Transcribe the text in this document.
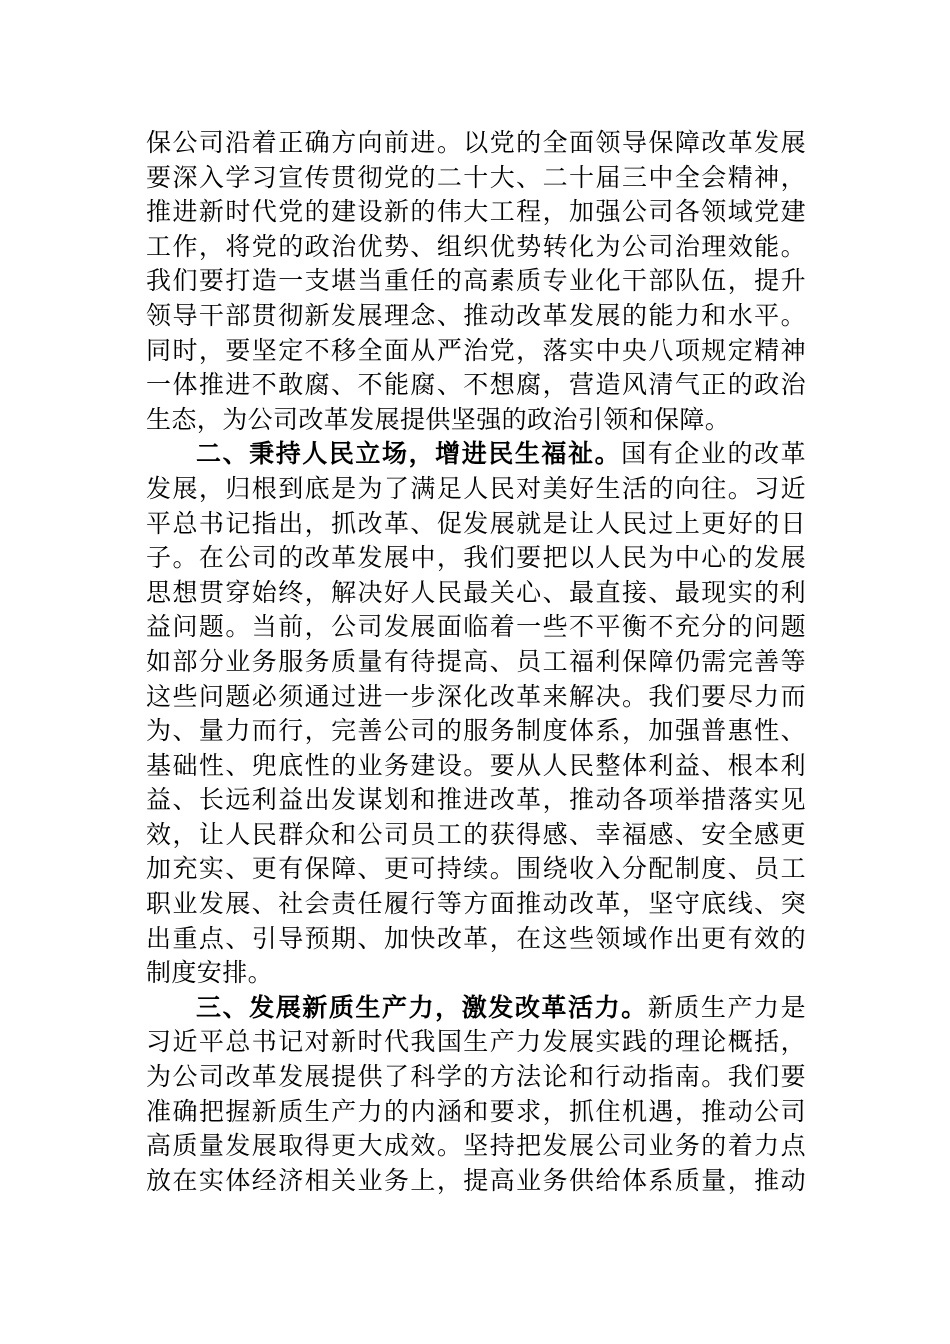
保公司沿着正确方向前进。以党的全面领导保障改革发展
要深入学习宣传贯彻党的二十大、二十届三中全会精神，
推进新时代党的建设新的伟大工程，加强公司各领域党建
工作，将党的政治优势、组织优势转化为公司治理效能。
我们要打造一支堪当重任的高素质专业化干部队伍，提升
领导干部贯彻新发展理念、推动改革发展的能力和水平。
同时，要坚定不移全面从严治党，落实中央八项规定精神
一体推进不敢腐、不能腐、不想腐，营造风清气正的政治
生态，为公司改革发展提供坚强的政治引领和保障。
二、秉持人民立场，增进民生福祉。国有企业的改革
发展，归根到底是为了满足人民对美好生活的向往。习近
平总书记指出，抓改革、促发展就是让人民过上更好的日
子。在公司的改革发展中，我们要把以人民为中心的发展
思想贯穿始终，解决好人民最关心、最直接、最现实的利
益问题。当前，公司发展面临着一些不平衡不充分的问题
如部分业务服务质量有待提高、员工福利保障仍需完善等
这些问题必须通过进一步深化改革来解决。我们要尽力而
为、量力而行，完善公司的服务制度体系，加强普惠性、
基础性、兜底性的业务建设。要从人民整体利益、根本利
益、长远利益出发谋划和推进改革，推动各项举措落实见
效，让人民群众和公司员工的获得感、幸福感、安全感更
加充实、更有保障、更可持续。围绕收入分配制度、员工
职业发展、社会责任履行等方面推动改革，坚守底线、突
出重点、引导预期、加快改革，在这些领域作出更有效的
制度安排。
三、发展新质生产力，激发改革活力。新质生产力是
习近平总书记对新时代我国生产力发展实践的理论概括，
为公司改革发展提供了科学的方法论和行动指南。我们要
准确把握新质生产力的内涵和要求，抓住机遇，推动公司
高质量发展取得更大成效。坚持把发展公司业务的着力点
放在实体经济相关业务上，提高业务供给体系质量，推动
